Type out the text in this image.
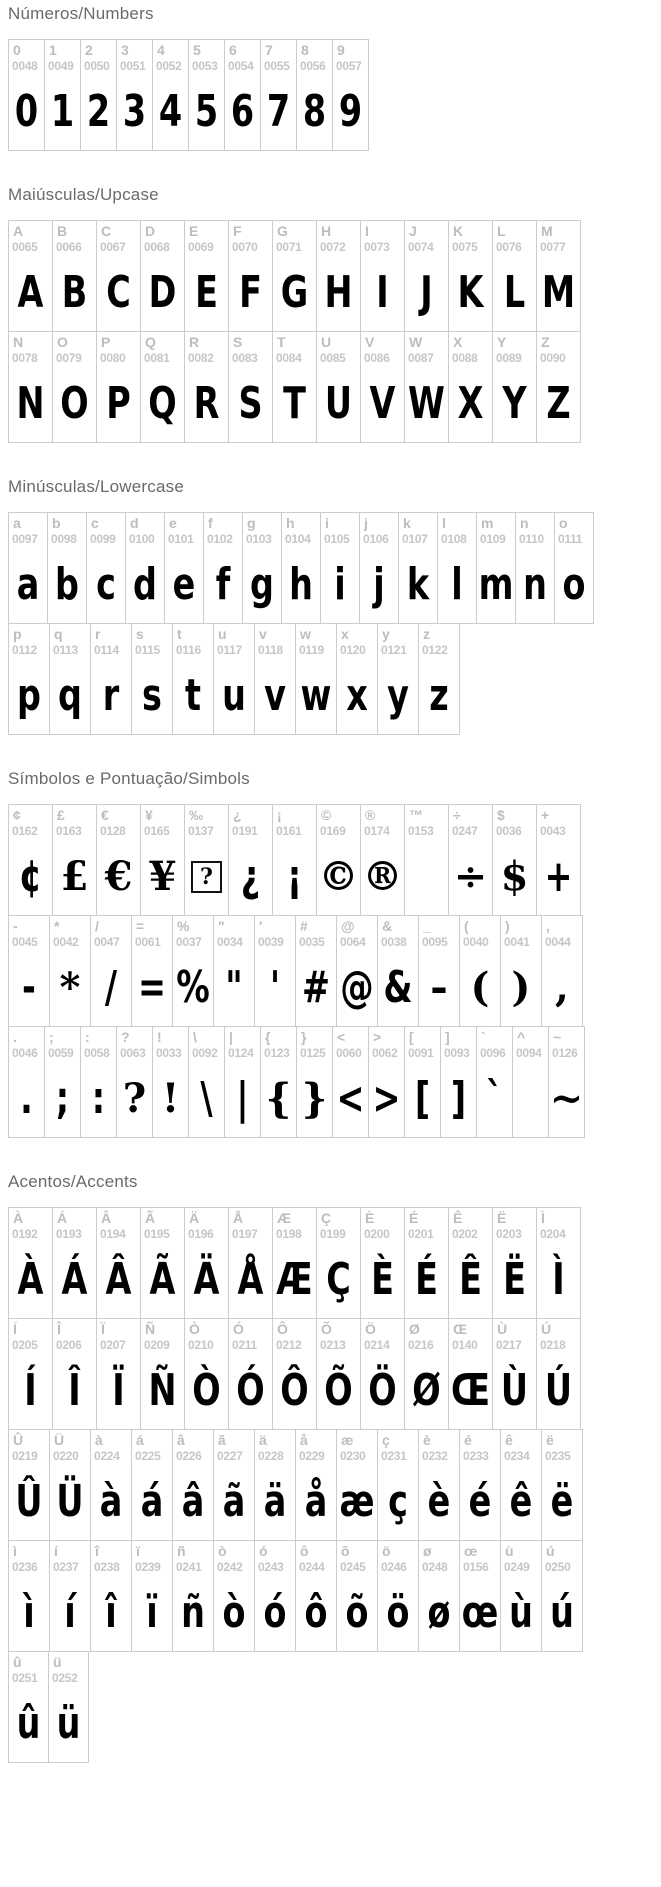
Números/Numbers
0
0048
0
1
0049
1
2
0050
2
3
0051
3
4
0052
4
5
0053
5
6
0054
6
7
0055
7
8
0056
8
9
0057
9
Maiúsculas/Upcase
A
0065
A
B
0066
B
C
0067
C
D
0068
D
E
0069
E
F
0070
F
G
0071
G
H
0072
H
I
0073
I
J
0074
J
K
0075
K
L
0076
L
M
0077
M
N
0078
N
O
0079
O
P
0080
P
Q
0081
Q
R
0082
R
S
0083
S
T
0084
T
U
0085
U
V
0086
V
W
0087
W
X
0088
X
Y
0089
Y
Z
0090
Z
Minúsculas/Lowercase
a
0097
a
b
0098
b
c
0099
c
d
0100
d
e
0101
e
f
0102
f
g
0103
g
h
0104
h
i
0105
i
j
0106
j
k
0107
k
l
0108
l
m
0109
m
n
0110
n
o
0111
o
p
0112
p
q
0113
q
r
0114
r
s
0115
s
t
0116
t
u
0117
u
v
0118
v
w
0119
w
x
0120
x
y
0121
y
z
0122
z
Símbolos e Pontuação/Simbols
¢
0162
¢
£
0163
£
€
0128
€
¥
0165
¥
‰
0137
?
¿
0191
¿
¡
0161
¡
©
0169
©
®
0174
®
™
0153
÷
0247
÷
$
0036
$
+
0043
+
-
0045
-
*
0042
*
/
0047
/
=
0061
=
%
0037
%
"
0034
"
'
0039
'
#
0035
#
@
0064
@
&
0038
&
_
0095
–
(
0040
(
)
0041
)
,
0044
,
.
0046
.
;
0059
;
:
0058
:
?
0063
?
!
0033
!
\
0092
\
|
0124
|
{
0123
{
}
0125
}
<
0060
<
>
0062
>
[
0091
[
]
0093
]
`
0096
`
^
0094
~
0126
~
Acentos/Accents
À
0192
À
Á
0193
Á
Â
0194
Â
Ã
0195
Ã
Ä
0196
Ä
Å
0197
Å
Æ
0198
Æ
Ç
0199
Ç
È
0200
È
É
0201
É
Ê
0202
Ê
Ë
0203
Ë
Ì
0204
Ì
Í
0205
Í
Î
0206
Î
Ï
0207
Ï
Ñ
0209
Ñ
Ò
0210
Ò
Ó
0211
Ó
Ô
0212
Ô
Õ
0213
Õ
Ö
0214
Ö
Ø
0216
Ø
Œ
0140
Œ
Ù
0217
Ù
Ú
0218
Ú
Û
0219
Û
Ü
0220
Ü
à
0224
à
á
0225
á
â
0226
â
ã
0227
ã
ä
0228
ä
å
0229
å
æ
0230
æ
ç
0231
ç
è
0232
è
é
0233
é
ê
0234
ê
ë
0235
ë
ì
0236
ì
í
0237
í
î
0238
î
ï
0239
ï
ñ
0241
ñ
ò
0242
ò
ó
0243
ó
ô
0244
ô
õ
0245
õ
ö
0246
ö
ø
0248
ø
œ
0156
œ
ù
0249
ù
ú
0250
ú
û
0251
û
ü
0252
ü
